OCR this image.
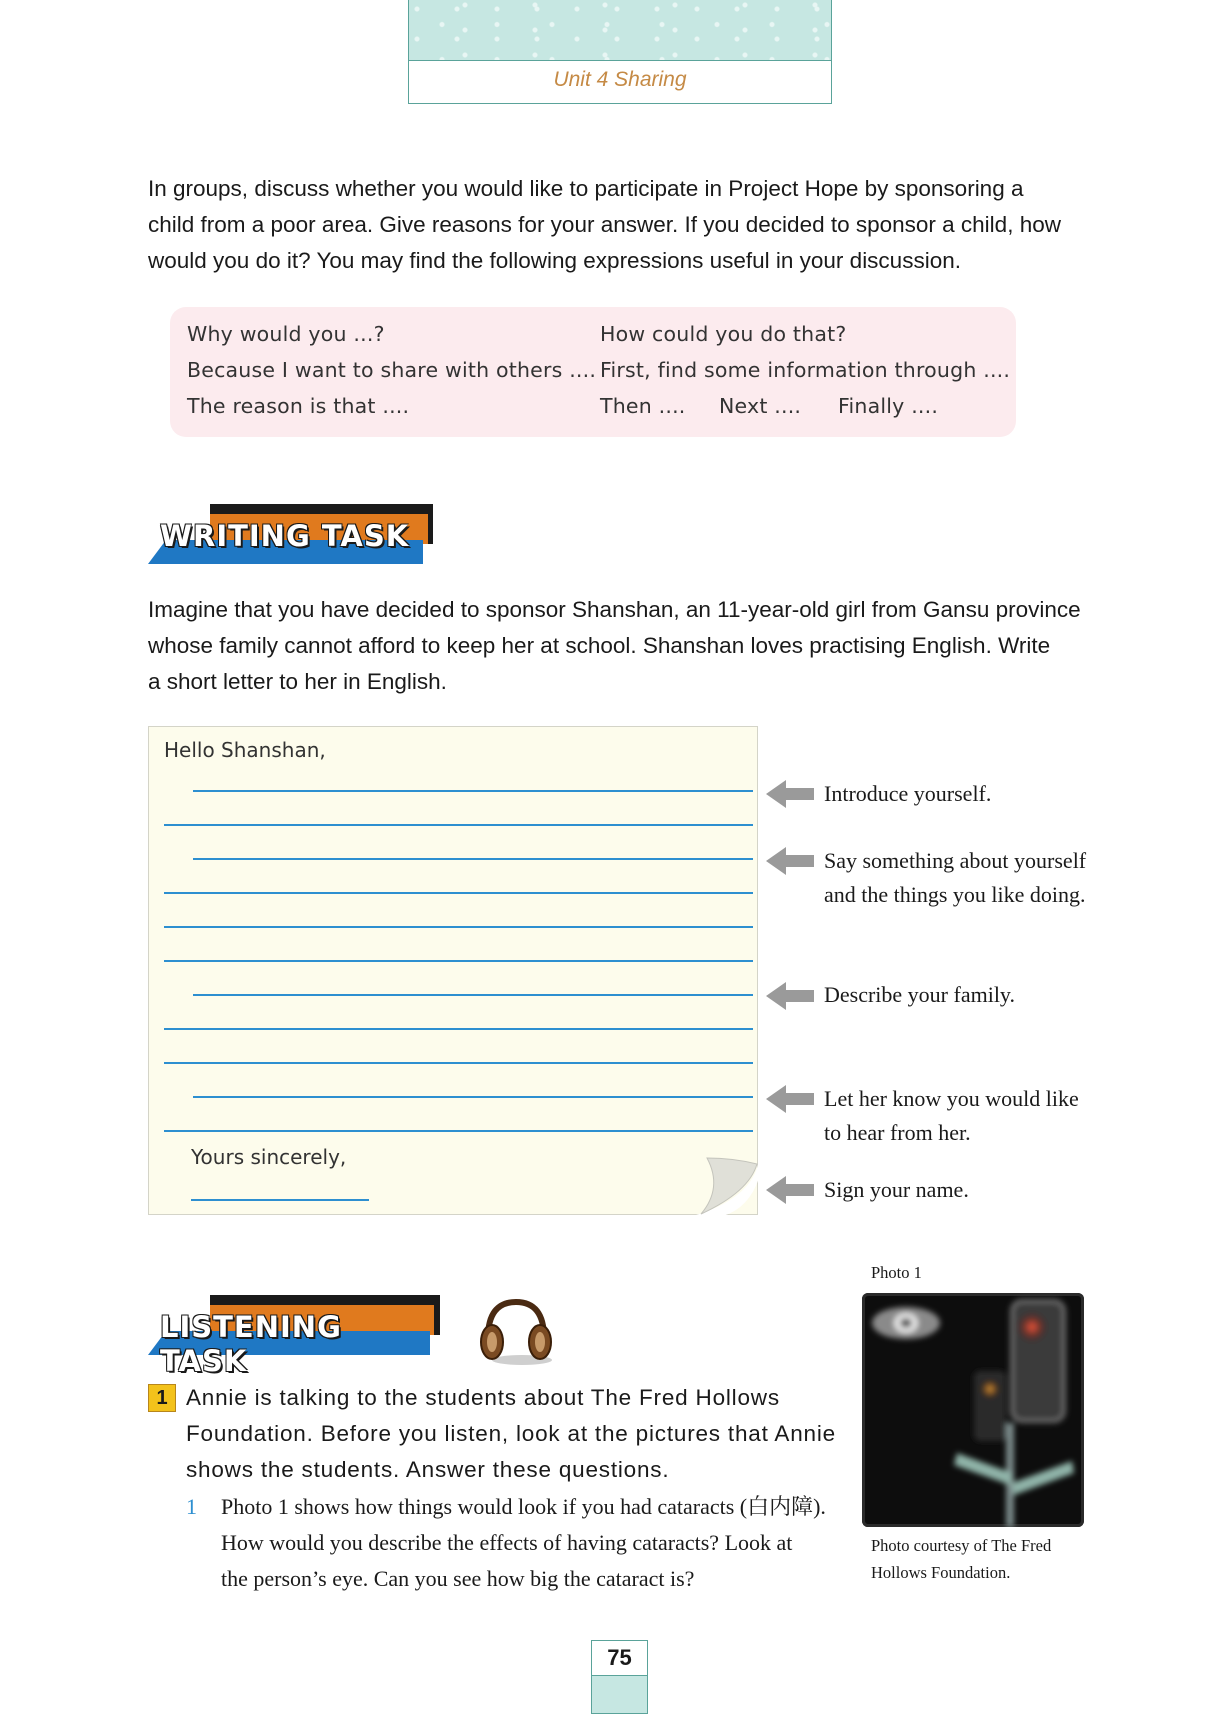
Unit 4 Sharing
In groups, discuss whether you would like to participate in Project Hope by sponsoring a
child from a poor area. Give reasons for your answer. If you decided to sponsor a child, how
would you do it? You may find the following expressions useful in your discussion.
Why would you ...?
Because I want to share with others ....
The reason is that ....
How could you do that?
First, find some information through ....
Then .... Next .... Finally ....
WRITING TASK
Imagine that you have decided to sponsor Shanshan, an 11-year-old girl from Gansu province
whose family cannot afford to keep her at school. Shanshan loves practising English. Write
a short letter to her in English.
Hello Shanshan,
Yours sincerely,
Introduce yourself.
Say something about yourself
and the things you like doing.
Describe your family.
Let her know you would like
to hear from her.
Sign your name.
LISTENING TASK
1 Annie is talking to the students about The Fred Hollows
Foundation. Before you listen, look at the pictures that Annie
shows the students. Answer these questions.
1 Photo 1 shows how things would look if you had cataracts (白内障).
How would you describe the effects of having cataracts? Look at
the person’s eye. Can you see how big the cataract is?
Photo 1
Photo courtesy of The Fred
Hollows Foundation.
75
